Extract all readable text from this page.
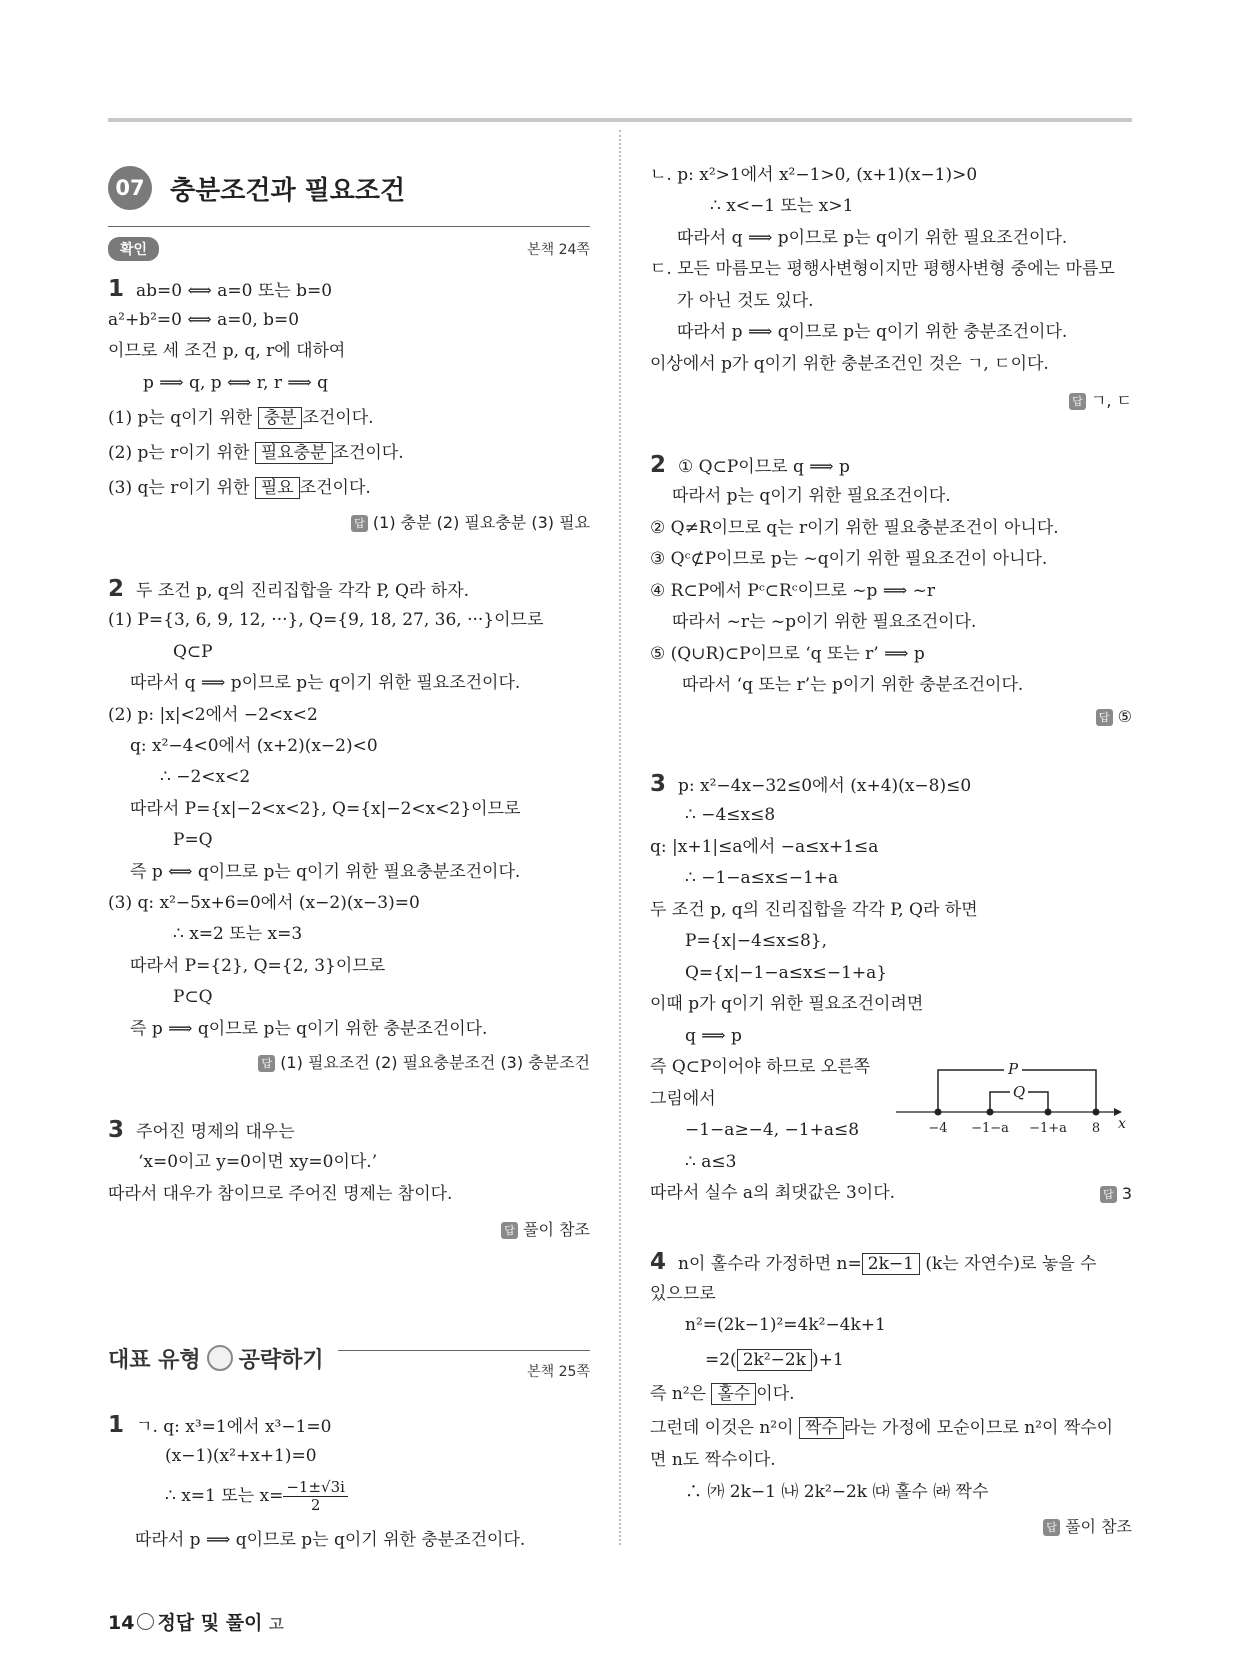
07 충분조건과 필요조건
확인	본책 24쪽
1 ab=0 ⟺ a=0 또는 b=0
a²+b²=0 ⟺ a=0, b=0
이므로 세 조건 p, q, r에 대하여
p ⟹ q, p ⟺ r, r ⟹ q
(1) p는 q이기 위한 충분 조건이다.
(2) p는 r이기 위한 필요충분 조건이다.
(3) q는 r이기 위한 필요 조건이다.
답 (1) 충분 (2) 필요충분 (3) 필요
2 두 조건 p, q의 진리집합을 각각 P, Q라 하자.
(1) P={3, 6, 9, 12, ···}, Q={9, 18, 27, 36, ···}이므로
Q⊂P
따라서 q ⟹ p이므로 p는 q이기 위한 필요조건이다.
(2) p: |x|<2에서 −2<x<2
q: x²−4<0에서 (x+2)(x−2)<0
∴ −2<x<2
따라서 P={x|−2<x<2}, Q={x|−2<x<2}이므로
P=Q
즉 p ⟺ q이므로 p는 q이기 위한 필요충분조건이다.
(3) q: x²−5x+6=0에서 (x−2)(x−3)=0
∴ x=2 또는 x=3
따라서 P={2}, Q={2, 3}이므로
P⊂Q
즉 p ⟹ q이므로 p는 q이기 위한 충분조건이다.
답 (1) 필요조건 (2) 필요충분조건 (3) 충분조건
3 주어진 명제의 대우는
‘x=0이고 y=0이면 xy=0이다.’
따라서 대우가 참이므로 주어진 명제는 참이다.
답 풀이 참조
대표 유형 공략하기	본책 25쪽
1 ㄱ. q: x³=1에서 x³−1=0
(x−1)(x²+x+1)=0
∴ x=1 또는 $x= \frac{-1\pm√3i}{2}$
따라서 p ⟹ q이므로 p는 q이기 위한 충분조건이다.
ㄴ. p: x²>1에서 x²−1>0, (x+1)(x−1)>0
∴ x<−1 또는 x>1
따라서 q ⟹ p이므로 p는 q이기 위한 필요조건이다.
ㄷ. 모든 마름모는 평행사변형이지만 평행사변형 중에는 마름모
가 아닌 것도 있다.
따라서 p ⟹ q이므로 p는 q이기 위한 충분조건이다.
이상에서 p가 q이기 위한 충분조건인 것은 ㄱ, ㄷ이다.
답 ㄱ, ㄷ
2 ① Q⊂P이므로 q ⟹ p
따라서 p는 q이기 위한 필요조건이다.
② Q≠R이므로 q는 r이기 위한 필요충분조건이 아니다.
③ Qᶜ⊄P이므로 p는 ~q이기 위한 필요조건이 아니다.
④ R⊂P에서 Pᶜ⊂Rᶜ이므로 ~p ⟹ ~r
따라서 ~r는 ~p이기 위한 필요조건이다.
⑤ (Q∪R)⊂P이므로 ‘q 또는 r’ ⟹ p
따라서 ‘q 또는 r’는 p이기 위한 충분조건이다.
답 ⑤
3 p: x²−4x−32≤0에서 (x+4)(x−8)≤0
∴ −4≤x≤8
q: |x+1|≤a에서 −a≤x+1≤a
∴ −1−a≤x≤−1+a
두 조건 p, q의 진리집합을 각각 P, Q라 하면
P={x|−4≤x≤8},
Q={x|−1−a≤x≤−1+a}
이때 p가 q이기 위한 필요조건이려면
q ⟹ p
즉 Q⊂P이어야 하므로 오른쪽
그림에서
−1−a≥−4, −1+a≤8
∴ a≤3
따라서 실수 a의 최댓값은 3이다.	답 3
P
Q
−4 −1−a −1+a 8 x
4 n이 홀수라 가정하면 n= 2k−1 (k는 자연수)로 놓을 수
있으므로
n²=(2k−1)²=4k²−4k+1
=2( 2k²−2k )+1
즉 n²은 홀수 이다.
그런데 이것은 n²이 짝수 라는 가정에 모순이므로 n²이 짝수이
면 n도 짝수이다.
∴ ㈎ 2k−1 ㈏ 2k²−2k ㈐ 홀수 ㈑ 짝수
답 풀이 참조
14 정답 및 풀이 고
